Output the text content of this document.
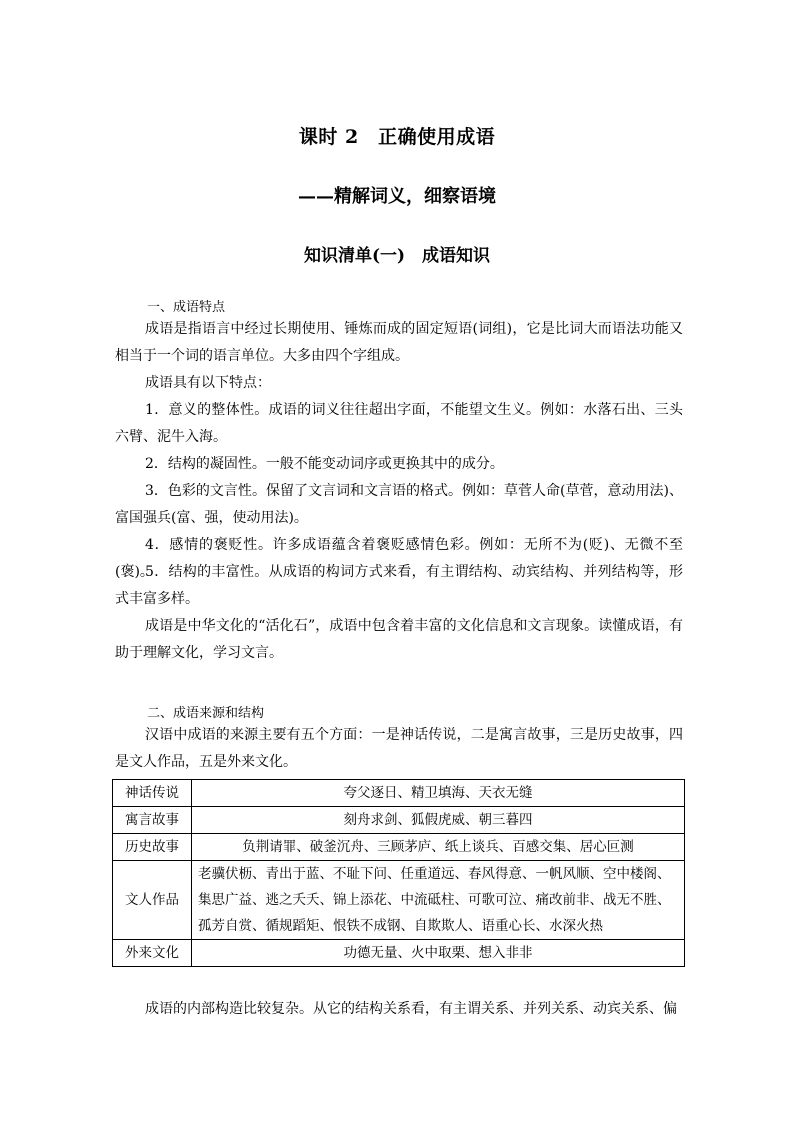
课时 2　正确使用成语
——精解词义，细察语境
知识清单(一)　成语知识
一、成语特点

成语是指语言中经过长期使用、锤炼而成的固定短语(词组)，它是比词大而语法功能又相当于一个词的语言单位。大多由四个字组成。

成语具有以下特点：

1．意义的整体性。成语的词义往往超出字面，不能望文生义。例如：水落石出、三头六臂、泥牛入海。

2．结构的凝固性。一般不能变动词序或更换其中的成分。

3．色彩的文言性。保留了文言词和文言语的格式。例如：草菅人命(草菅，意动用法)、富国强兵(富、强，使动用法)。

4．感情的褒贬性。许多成语蕴含着褒贬感情色彩。例如：无所不为(贬)、无微不至(褒)。

5．结构的丰富性。从成语的构词方式来看，有主谓结构、动宾结构、并列结构等，形式丰富多样。

成语是中华文化的“活化石”，成语中包含着丰富的文化信息和文言现象。读懂成语，有助于理解文化，学习文言。

二、成语来源和结构

汉语中成语的来源主要有五个方面：一是神话传说，二是寓言故事，三是历史故事，四是文人作品，五是外来文化。

神话传说	夸父逐日、精卫填海、天衣无缝
寓言故事	刻舟求剑、狐假虎威、朝三暮四
历史故事	负荆请罪、破釜沉舟、三顾茅庐、纸上谈兵、百感交集、居心叵测
文人作品	老骥伏枥、青出于蓝、不耻下问、任重道远、春风得意、一帆风顺、空中楼阁、集思广益、逃之夭夭、锦上添花、中流砥柱、可歌可泣、痛改前非、战无不胜、孤芳自赏、循规蹈矩、恨铁不成钢、自欺欺人、语重心长、水深火热
外来文化	功德无量、火中取栗、想入非非

成语的内部构造比较复杂。从它的结构关系看，有主谓关系、并列关系、动宾关系、偏
